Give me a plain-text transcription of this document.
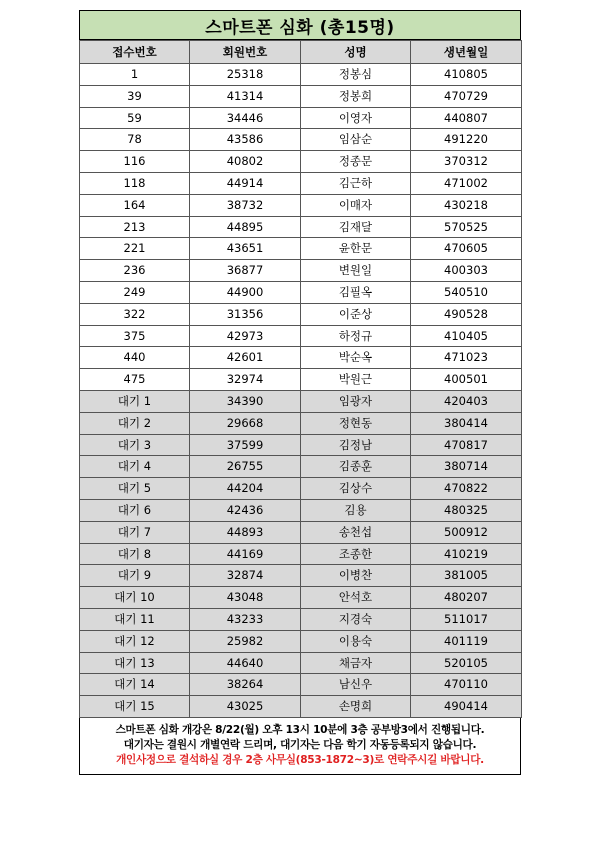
스마트폰 심화 (총15명)
접수번호	회원번호	성명	생년월일
1	25318	정봉심	410805
39	41314	정봉희	470729
59	34446	이영자	440807
78	43586	임삼순	491220
116	40802	정종문	370312
118	44914	김근하	471002
164	38732	이매자	430218
213	44895	김재달	570525
221	43651	윤한문	470605
236	36877	변원일	400303
249	44900	김필옥	540510
322	31356	이준상	490528
375	42973	하정규	410405
440	42601	박순옥	471023
475	32974	박원근	400501
대기 1	34390	임광자	420403
대기 2	29668	정현동	380414
대기 3	37599	김정남	470817
대기 4	26755	김종훈	380714
대기 5	44204	김상수	470822
대기 6	42436	김용	480325
대기 7	44893	송천섭	500912
대기 8	44169	조종한	410219
대기 9	32874	이병찬	381005
대기 10	43048	안석호	480207
대기 11	43233	지경숙	511017
대기 12	25982	이용숙	401119
대기 13	44640	채금자	520105
대기 14	38264	남신우	470110
대기 15	43025	손명희	490414
스마트폰 심화 개강은 8/22(월) 오후 13시 10분에 3층 공부방3에서 진행됩니다.
대기자는 결원시 개별연락 드리며, 대기자는 다음 학기 자동등록되지 않습니다.
개인사정으로 결석하실 경우 2층 사무실(853-1872~3)로 연락주시길 바랍니다.
